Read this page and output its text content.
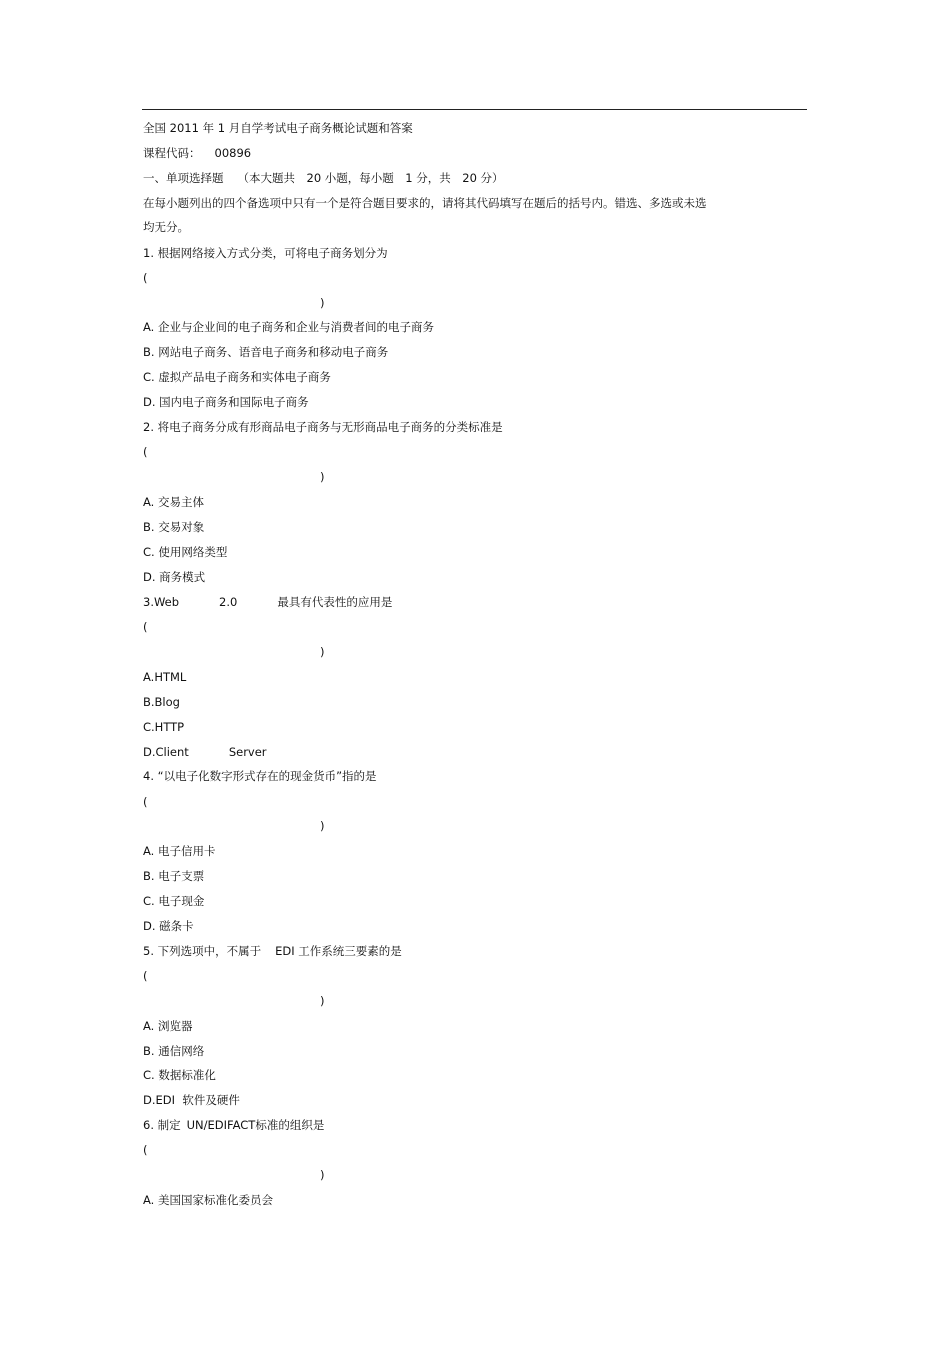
全国 2011 年 1 月自学考试电子商务概论试题和答案
课程代码： 00896
一、单项选择题 （本大题共　20 小题，每小题　1 分，共　20 分）
在每小题列出的四个备选项中只有一个是符合题目要求的，请将其代码填写在题后的括号内。错选、多选或未选
均无分。
1. 根据网络接入方式分类，可将电子商务划分为
(
)
A. 企业与企业间的电子商务和企业与消费者间的电子商务
B. 网站电子商务、语音电子商务和移动电子商务
C. 虚拟产品电子商务和实体电子商务
D. 国内电子商务和国际电子商务
2. 将电子商务分成有形商品电子商务与无形商品电子商务的分类标准是
(
)
A. 交易主体
B. 交易对象
C. 使用网络类型
D. 商务模式
3.Web	2.0	最具有代表性的应用是
(
)
A.HTML
B.Blog
C.HTTP
D.Client	Server
4. “以电子化数字形式存在的现金货币”指的是
(
)
A. 电子信用卡
B. 电子支票
C. 电子现金
D. 磁条卡
5. 下列选项中，不属于 EDI 工作系统三要素的是
(
)
A. 浏览器
B. 通信网络
C. 数据标准化
D.EDI  软件及硬件
6. 制定 UN/EDIFACT标准的组织是
(
)
A. 美国国家标准化委员会
